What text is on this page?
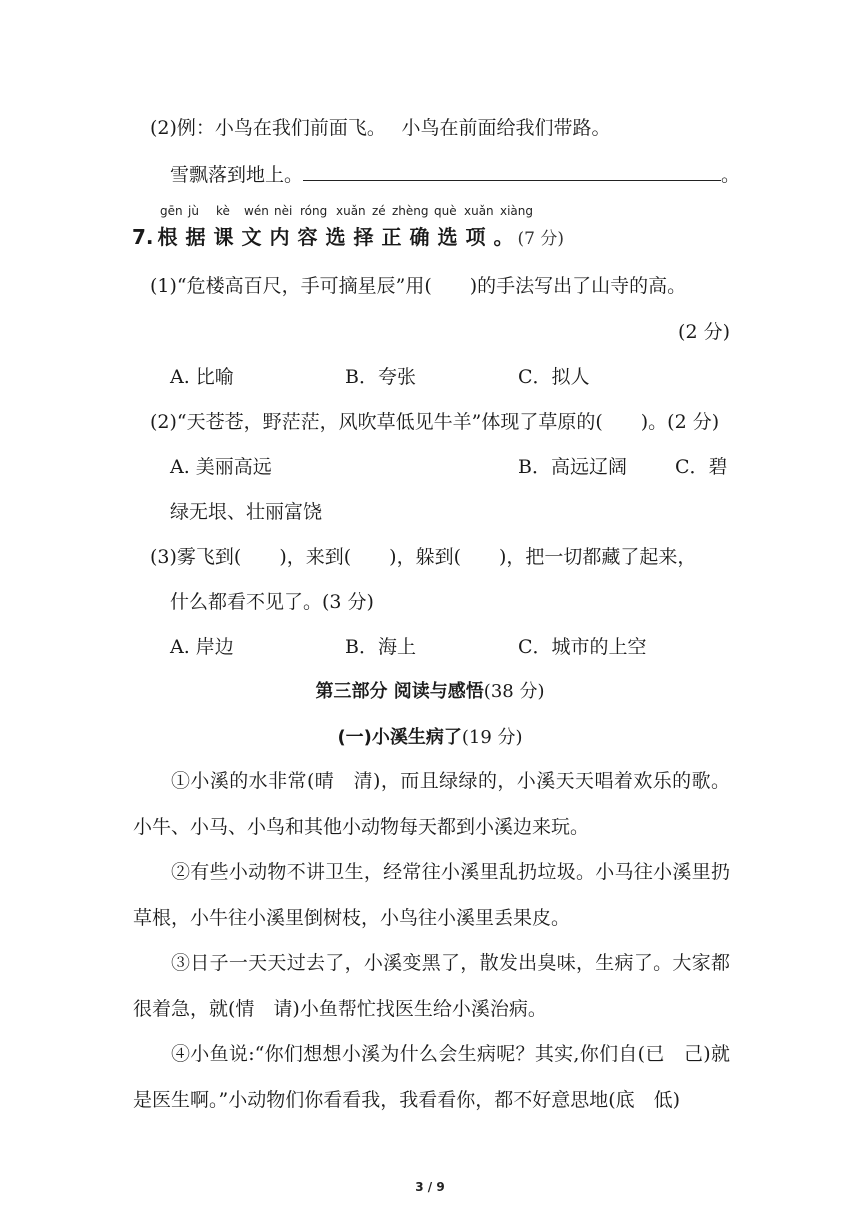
(2)例：小鸟在我们前面飞。　 小鸟在前面给我们带路。
雪飘落到地上。	。
gēn jù kè wén nèi róng xuǎn zé zhèng què xuǎn xiàng
7. 根 据 课 文 内 容 选 择 正 确 选 项 。 (7 分)
(1)“危楼高百尺，手可摘星辰”用(　　)的手法写出了山寺的高。
(2 分)
A. 比喻	B．夸张	C．拟人
(2)“天苍苍，野茫茫，风吹草低见牛羊”体现了草原的(　　)。(2 分)
A. 美丽高远	B．高远辽阔	C．碧
绿无垠、壮丽富饶
(3)雾飞到(　　)，来到(　　)，躲到(　　)，把一切都藏了起来，
什么都看不见了。(3 分)
A. 岸边	B．海上	C．城市的上空
第三部分 阅读与感悟(38 分)
(一)小溪生病了(19 分)
①小溪的水非常(晴　清)，而且绿绿的，小溪天天唱着欢乐的歌。小牛、小马、小鸟和其他小动物每天都到小溪边来玩。
②有些小动物不讲卫生，经常往小溪里乱扔垃圾。小马往小溪里扔草根，小牛往小溪里倒树枝，小鸟往小溪里丢果皮。
③日子一天天过去了，小溪变黑了，散发出臭味，生病了。大家都很着急，就(情　请)小鱼帮忙找医生给小溪治病。
④小鱼说:“你们想想小溪为什么会生病呢？其实,你们自(已　己)就是医生啊。”小动物们你看看我，我看看你，都不好意思地(底　低)
3 / 9
